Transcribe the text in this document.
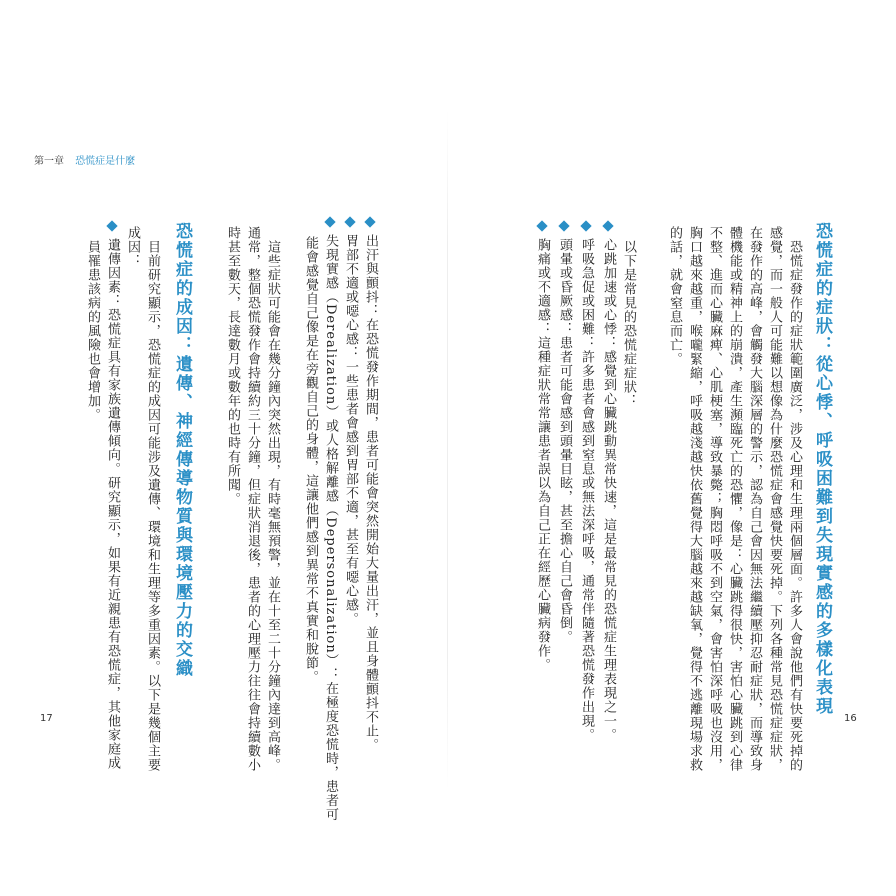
第一章 恐慌症是什麼
出汗與顫抖：在恐慌發作期間，患者可能會突然開始大量出汗，並且身體顫抖不止。
胃部不適或噁心感：一些患者會感到胃部不適，甚至有噁心感。
失現實感（Derealization）或人格解離感（Depersonalization）：在極度恐慌時，患者可
能會感覺自己像是在旁觀自己的身體，這讓他們感到異常不真實和脫節。
這些症狀可能會在幾分鐘內突然出現，有時毫無預警，並在十至二十分鐘內達到高峰。
通常，整個恐慌發作會持續約三十分鐘，但症狀消退後，患者的心理壓力往往會持續數小
時甚至數天，長達數月或數年的也時有所聞。
恐慌症的成因：遺傳、神經傳導物質與環境壓力的交織
目前研究顯示，恐慌症的成因可能涉及遺傳、環境和生理等多重因素。以下是幾個主要
成因：
遺傳因素：恐慌症具有家族遺傳傾向。研究顯示，如果有近親患有恐慌症，其他家庭成
員罹患該病的風險也會增加。
17
恐慌症的症狀：從心悸、呼吸困難到失現實感的多樣化表現
恐慌症發作的症狀範圍廣泛，涉及心理和生理兩個層面。許多人會說他們有快要死掉的
感覺，而一般人可能難以想像為什麼恐慌症會感覺快要死掉。下列各種常見恐慌症症狀，
在發作的高峰，會觸發大腦深層的警示，認為自己會因無法繼續壓抑忍耐症狀，而導致身
體機能或精神上的崩潰，產生瀕臨死亡的恐懼，像是：心臟跳得很快，害怕心臟跳到心律
不整、進而心臟麻痺、心肌梗塞，導致暴斃；胸悶呼吸不到空氣，會害怕深呼吸也沒用，
胸口越來越重，喉嚨緊縮，呼吸越淺越快依舊覺得大腦越來越缺氧，覺得不逃離現場求救
的話，就會窒息而亡。
以下是常見的恐慌症症狀：
心跳加速或心悸：感覺到心臟跳動異常快速，這是最常見的恐慌症生理表現之一。
呼吸急促或困難：許多患者會感到窒息或無法深呼吸，通常伴隨著恐慌發作出現。
頭暈或昏厥感：患者可能會感到頭暈目眩，甚至擔心自己會昏倒。
胸痛或不適感：這種症狀常常讓患者誤以為自己正在經歷心臟病發作。
16
